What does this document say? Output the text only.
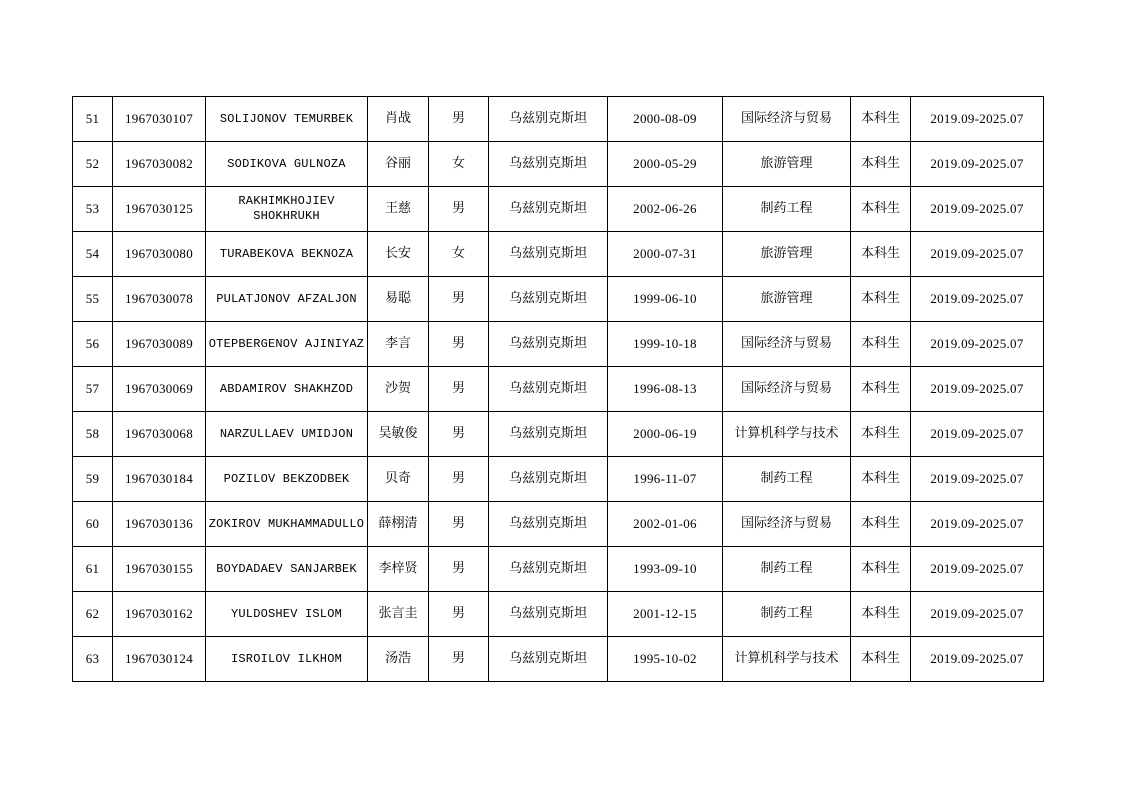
51	1967030107	SOLIJONOV TEMURBEK	肖战	男	乌兹别克斯坦	2000-08-09	国际经济与贸易	本科生	2019.09-2025.07
52	1967030082	SODIKOVA GULNOZA	谷丽	女	乌兹别克斯坦	2000-05-29	旅游管理	本科生	2019.09-2025.07
53	1967030125	RAKHIMKHOJIEV SHOKHRUKH	王慈	男	乌兹别克斯坦	2002-06-26	制药工程	本科生	2019.09-2025.07
54	1967030080	TURABEKOVA BEKNOZA	长安	女	乌兹别克斯坦	2000-07-31	旅游管理	本科生	2019.09-2025.07
55	1967030078	PULATJONOV AFZALJON	易聪	男	乌兹别克斯坦	1999-06-10	旅游管理	本科生	2019.09-2025.07
56	1967030089	OTEPBERGENOV AJINIYAZ	李言	男	乌兹别克斯坦	1999-10-18	国际经济与贸易	本科生	2019.09-2025.07
57	1967030069	ABDAMIROV SHAKHZOD	沙贺	男	乌兹别克斯坦	1996-08-13	国际经济与贸易	本科生	2019.09-2025.07
58	1967030068	NARZULLAEV UMIDJON	吴敏俊	男	乌兹别克斯坦	2000-06-19	计算机科学与技术	本科生	2019.09-2025.07
59	1967030184	POZILOV BEKZODBEK	贝奇	男	乌兹别克斯坦	1996-11-07	制药工程	本科生	2019.09-2025.07
60	1967030136	ZOKIROV MUKHAMMADULLO	薛栩清	男	乌兹别克斯坦	2002-01-06	国际经济与贸易	本科生	2019.09-2025.07
61	1967030155	BOYDADAEV SANJARBEK	李梓贤	男	乌兹别克斯坦	1993-09-10	制药工程	本科生	2019.09-2025.07
62	1967030162	YULDOSHEV ISLOM	张言圭	男	乌兹别克斯坦	2001-12-15	制药工程	本科生	2019.09-2025.07
63	1967030124	ISROILOV ILKHOM	汤浩	男	乌兹别克斯坦	1995-10-02	计算机科学与技术	本科生	2019.09-2025.07
